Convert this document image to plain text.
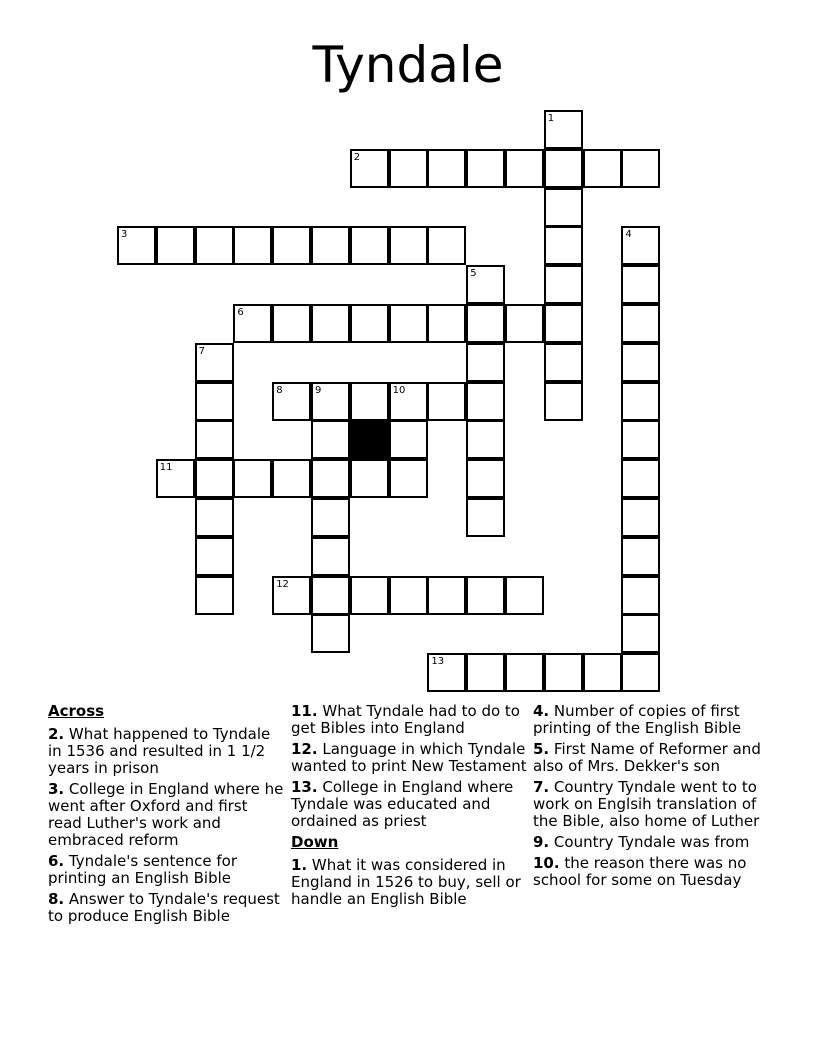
Tyndale
1
2
3	4
5
6
7
8	9	10
11
12
13
Across
2. What happened to Tyndale in 1536 and resulted in 1 1/2 years in prison
3. College in England where he went after Oxford and first read Luther's work and embraced reform
6. Tyndale's sentence for printing an English Bible
8. Answer to Tyndale's request to produce English Bible
11. What Tyndale had to do to get Bibles into England
12. Language in which Tyndale wanted to print New Testament
13. College in England where Tyndale was educated and ordained as priest
Down
1. What it was considered in England in 1526 to buy, sell or handle an English Bible
4. Number of copies of first printing of the English Bible
5. First Name of Reformer and also of Mrs. Dekker's son
7. Country Tyndale went to to work on Englsih translation of the Bible, also home of Luther
9. Country Tyndale was from
10. the reason there was no school for some on Tuesday
